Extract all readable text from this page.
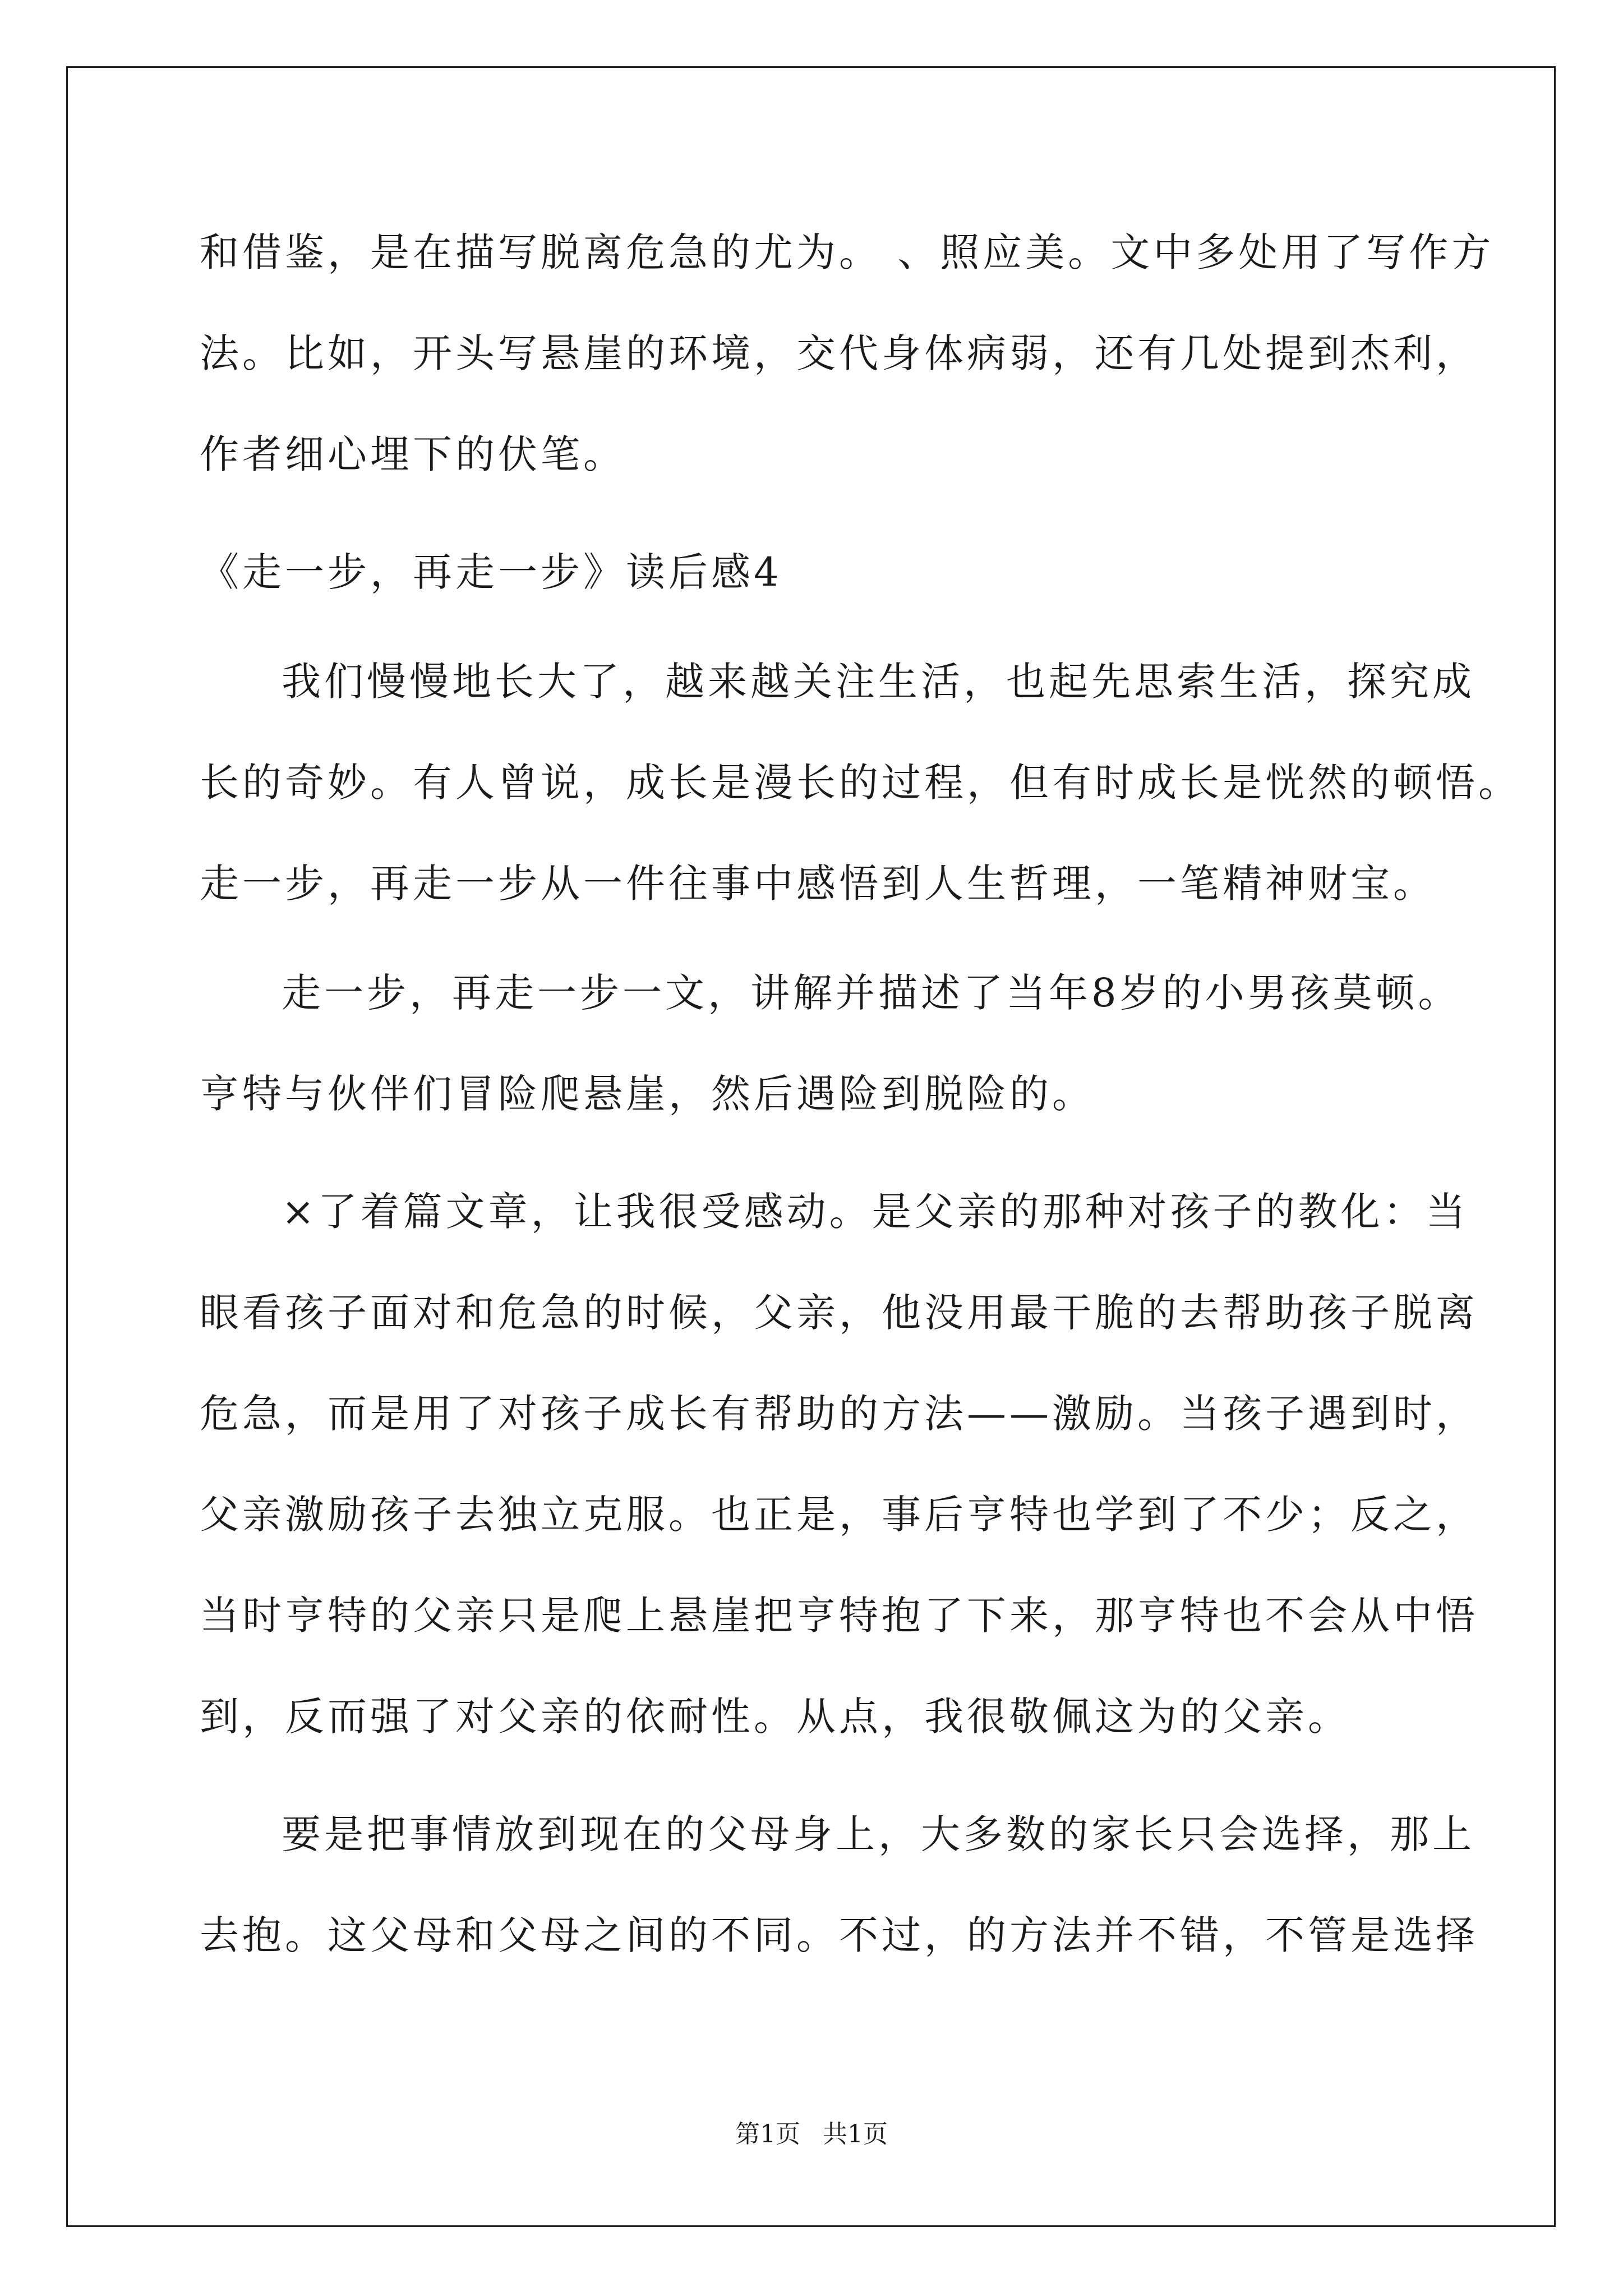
和借鉴，是在描写脱离危急的尤为。 、照应美。文中多处用了写作方
法。比如，开头写悬崖的环境，交代身体病弱，还有几处提到杰利，
作者细心埋下的伏笔。
《走一步，再走一步》读后感4
我们慢慢地长大了，越来越关注生活，也起先思索生活，探究成
长的奇妙。有人曾说，成长是漫长的过程，但有时成长是恍然的顿悟。
走一步，再走一步从一件往事中感悟到人生哲理，一笔精神财宝。
走一步，再走一步一文，讲解并描述了当年8岁的小男孩莫顿。
亨特与伙伴们冒险爬悬崖，然后遇险到脱险的。
×了着篇文章，让我很受感动。是父亲的那种对孩子的教化：当
眼看孩子面对和危急的时候，父亲，他没用最干脆的去帮助孩子脱离
危急，而是用了对孩子成长有帮助的方法——激励。当孩子遇到时，
父亲激励孩子去独立克服。也正是，事后亨特也学到了不少；反之，
当时亨特的父亲只是爬上悬崖把亨特抱了下来，那亨特也不会从中悟
到，反而强了对父亲的依耐性。从点，我很敬佩这为的父亲。
要是把事情放到现在的父母身上，大多数的家长只会选择，那上
去抱。这父母和父母之间的不同。不过，的方法并不错，不管是选择
第1页 共1页
